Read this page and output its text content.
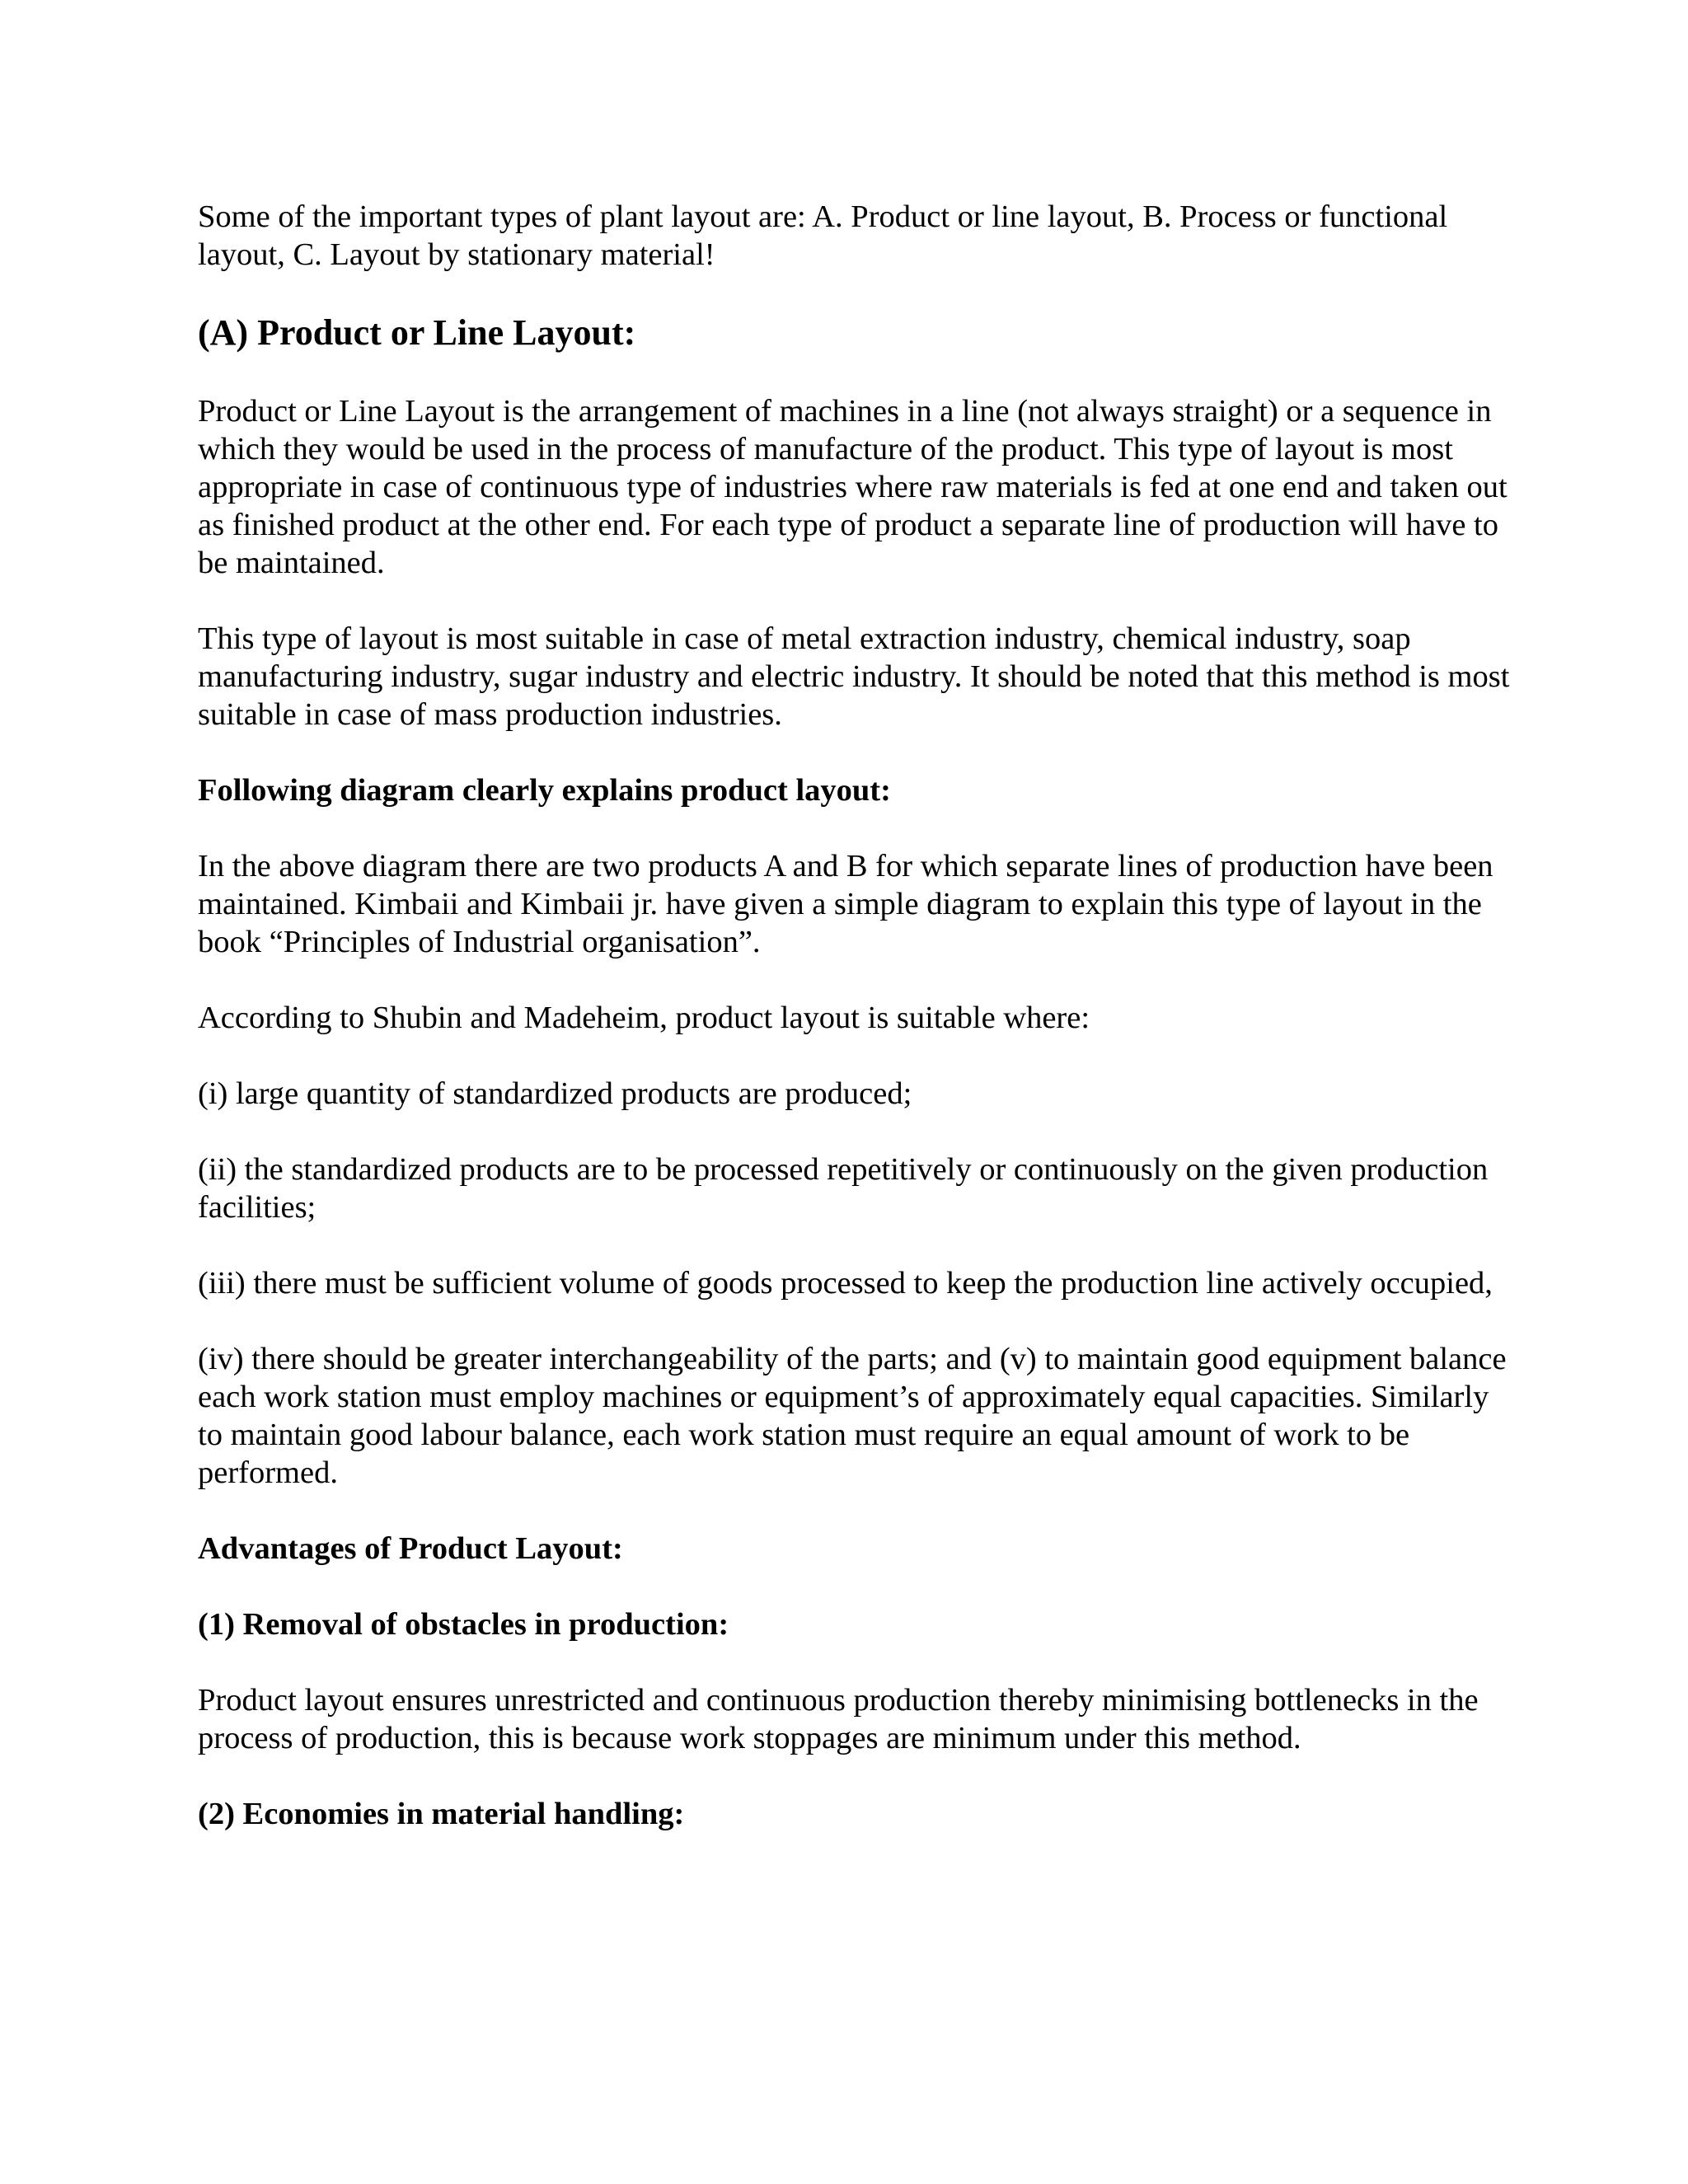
Some of the important types of plant layout are: A. Product or line layout, B. Process or functional layout, C. Layout by stationary material!

(A) Product or Line Layout:

Product or Line Layout is the arrangement of machines in a line (not always straight) or a sequence in which they would be used in the process of manufacture of the product. This type of layout is most appropriate in case of continuous type of industries where raw materials is fed at one end and taken out as finished product at the other end. For each type of product a separate line of production will have to be maintained.

This type of layout is most suitable in case of metal extraction industry, chemical industry, soap manufacturing industry, sugar industry and electric industry. It should be noted that this method is most suitable in case of mass production industries.

Following diagram clearly explains product layout:

In the above diagram there are two products A and B for which separate lines of production have been maintained. Kimbaii and Kimbaii jr. have given a simple diagram to explain this type of layout in the book “Principles of Industrial organisation”.

According to Shubin and Madeheim, product layout is suitable where:

(i) large quantity of standardized products are produced;

(ii) the standardized products are to be processed repetitively or continuously on the given production facilities;

(iii) there must be sufficient volume of goods processed to keep the production line actively occupied,

(iv) there should be greater interchangeability of the parts; and (v) to maintain good equipment balance each work station must employ machines or equipment’s of approximately equal capacities. Similarly to maintain good labour balance, each work station must require an equal amount of work to be performed.

Advantages of Product Layout:

(1) Removal of obstacles in production:

Product layout ensures unrestricted and continuous production thereby minimising bottlenecks in the process of production, this is because work stoppages are minimum under this method.

(2) Economies in material handling:
